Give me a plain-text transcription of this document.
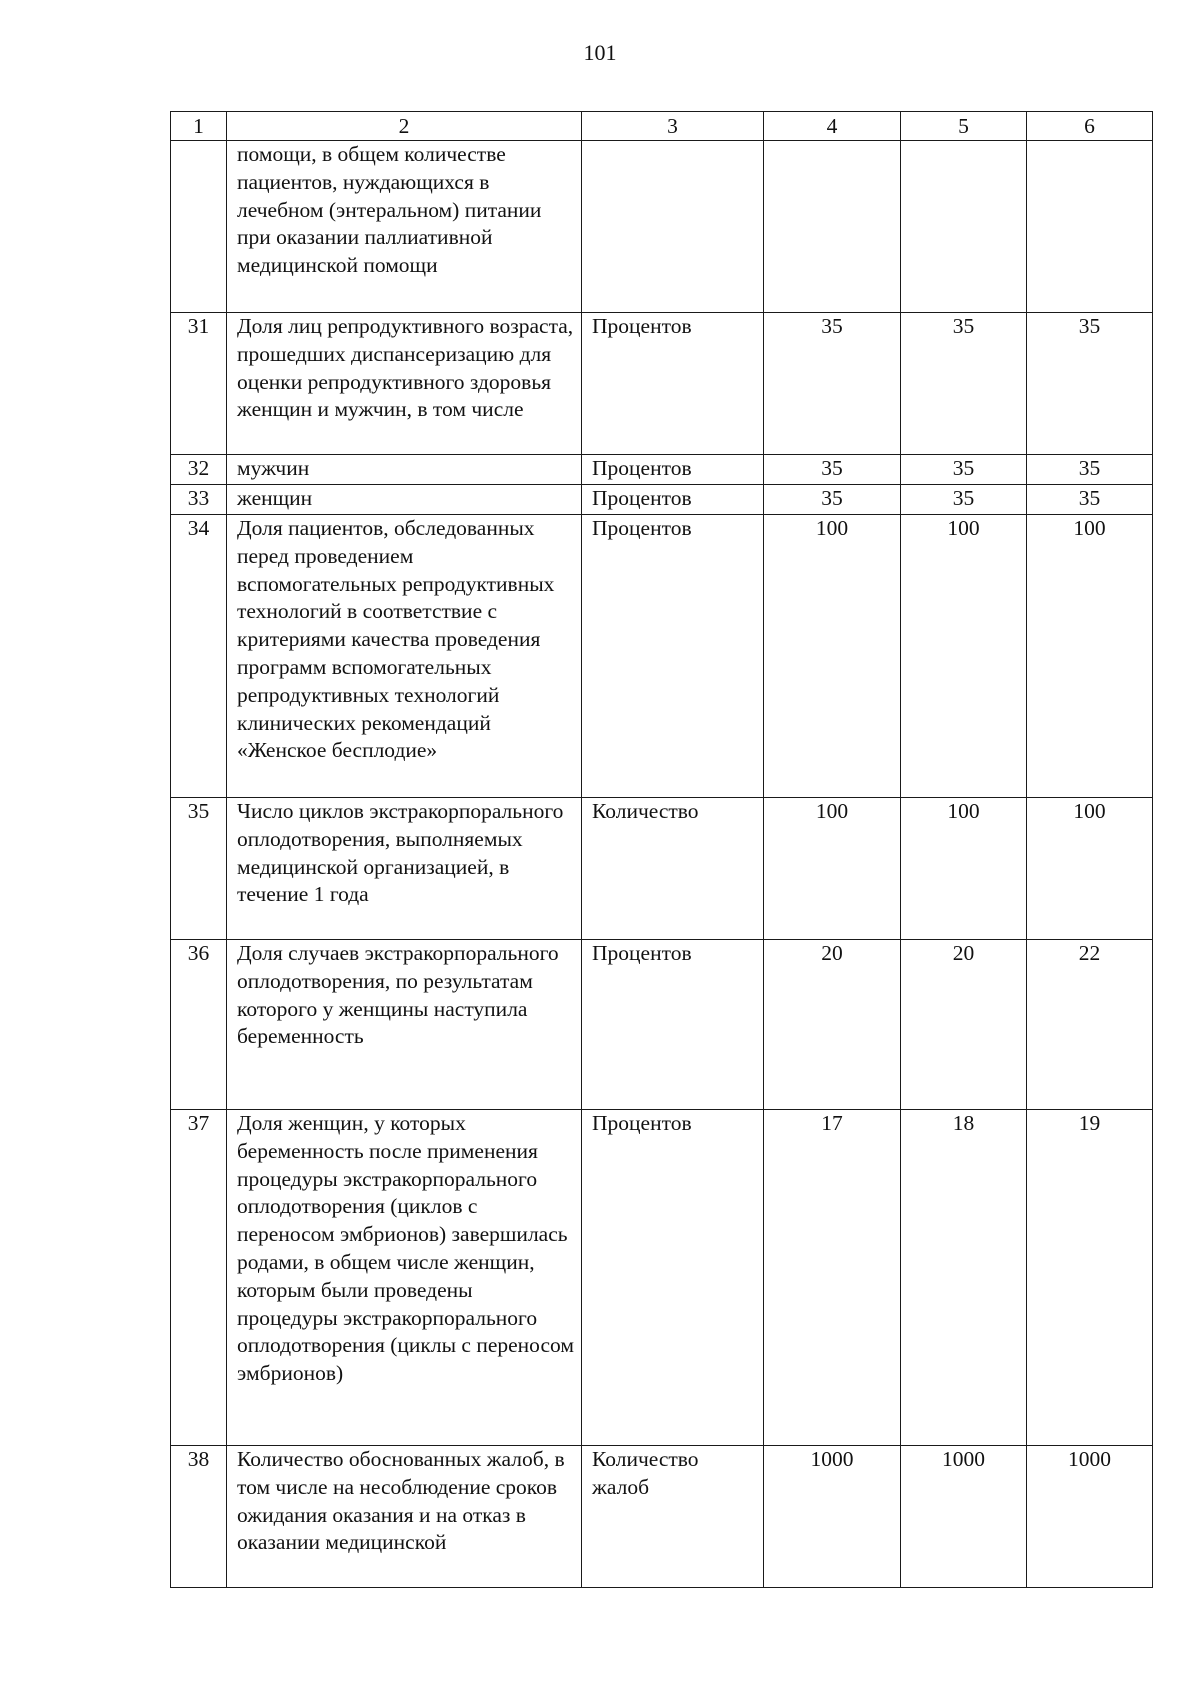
101
1	2	3	4	5	6
	помощи, в общем количестве пациентов, нуждающихся в лечебном (энтеральном) питании при оказании паллиативной медицинской помощи				
31	Доля лиц репродуктивного возраста, прошедших диспансеризацию для оценки репродуктивного здоровья женщин и мужчин, в том числе	Процентов	35	35	35
32	мужчин	Процентов	35	35	35
33	женщин	Процентов	35	35	35
34	Доля пациентов, обследованных перед проведением вспомогательных репродуктивных технологий в соответствие с критериями качества проведения программ вспомогательных репродуктивных технологий клинических рекомендаций «Женское бесплодие»	Процентов	100	100	100
35	Число циклов экстракорпорального оплодотворения, выполняемых медицинской организацией, в течение 1 года	Количество	100	100	100
36	Доля случаев экстракорпорального оплодотворения, по результатам которого у женщины наступила беременность	Процентов	20	20	22
37	Доля женщин, у которых беременность после применения процедуры экстракорпорального оплодотворения (циклов с переносом эмбрионов) завершилась родами, в общем числе женщин, которым были проведены процедуры экстракорпорального оплодотворения (циклы с переносом эмбрионов)	Процентов	17	18	19
38	Количество обоснованных жалоб, в том числе на несоблюдение сроков ожидания оказания и на отказ в оказании медицинской	Количество жалоб	1000	1000	1000
